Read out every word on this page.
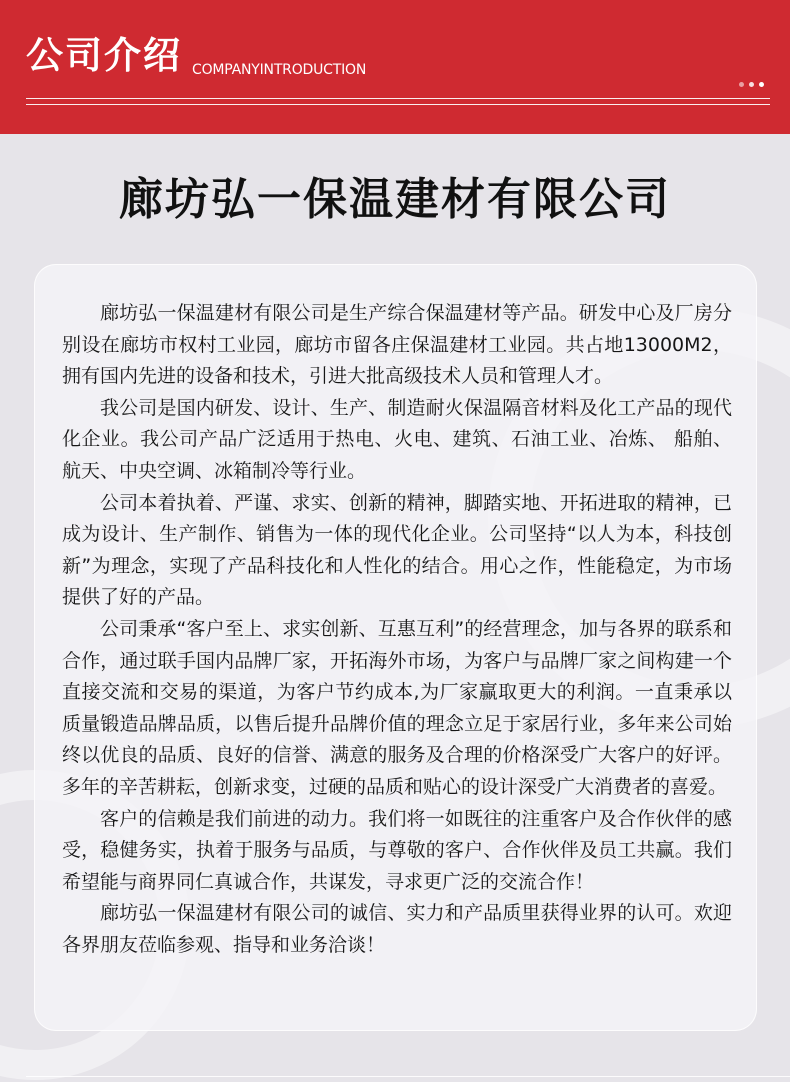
公司介绍 COMPANYINTRODUCTION
廊坊弘一保温建材有限公司

廊坊弘一保温建材有限公司是生产综合保温建材等产品。研发中心及厂房分别设在廊坊市权村工业园，廊坊市留各庄保温建材工业园。共占地13000M2，拥有国内先进的设备和技术，引进大批高级技术人员和管理人才。

我公司是国内研发、设计、生产、制造耐火保温隔音材料及化工产品的现代化企业。我公司产品广泛适用于热电、火电、建筑、石油工业、冶炼、 船舶、航天、中央空调、冰箱制冷等行业。

公司本着执着、严谨、求实、创新的精神，脚踏实地、开拓进取的精神，已成为设计、生产制作、销售为一体的现代化企业。公司坚持“以人为本，科技创新”为理念，实现了产品科技化和人性化的结合。用心之作，性能稳定，为市场提供了好的产品。

公司秉承“客户至上、求实创新、互惠互利”的经营理念，加与各界的联系和合作，通过联手国内品牌厂家，开拓海外市场，为客户与品牌厂家之间构建一个直接交流和交易的渠道，为客户节约成本,为厂家赢取更大的利润。一直秉承以质量锻造品牌品质，以售后提升品牌价值的理念立足于家居行业，多年来公司始终以优良的品质、良好的信誉、满意的服务及合理的价格深受广大客户的好评。多年的辛苦耕耘，创新求变，过硬的品质和贴心的设计深受广大消费者的喜爱。

客户的信赖是我们前进的动力。我们将一如既往的注重客户及合作伙伴的感受，稳健务实，执着于服务与品质，与尊敬的客户、合作伙伴及员工共赢。我们希望能与商界同仁真诚合作，共谋发，寻求更广泛的交流合作！

廊坊弘一保温建材有限公司的诚信、实力和产品质里获得业界的认可。欢迎各界朋友莅临参观、指导和业务洽谈！
